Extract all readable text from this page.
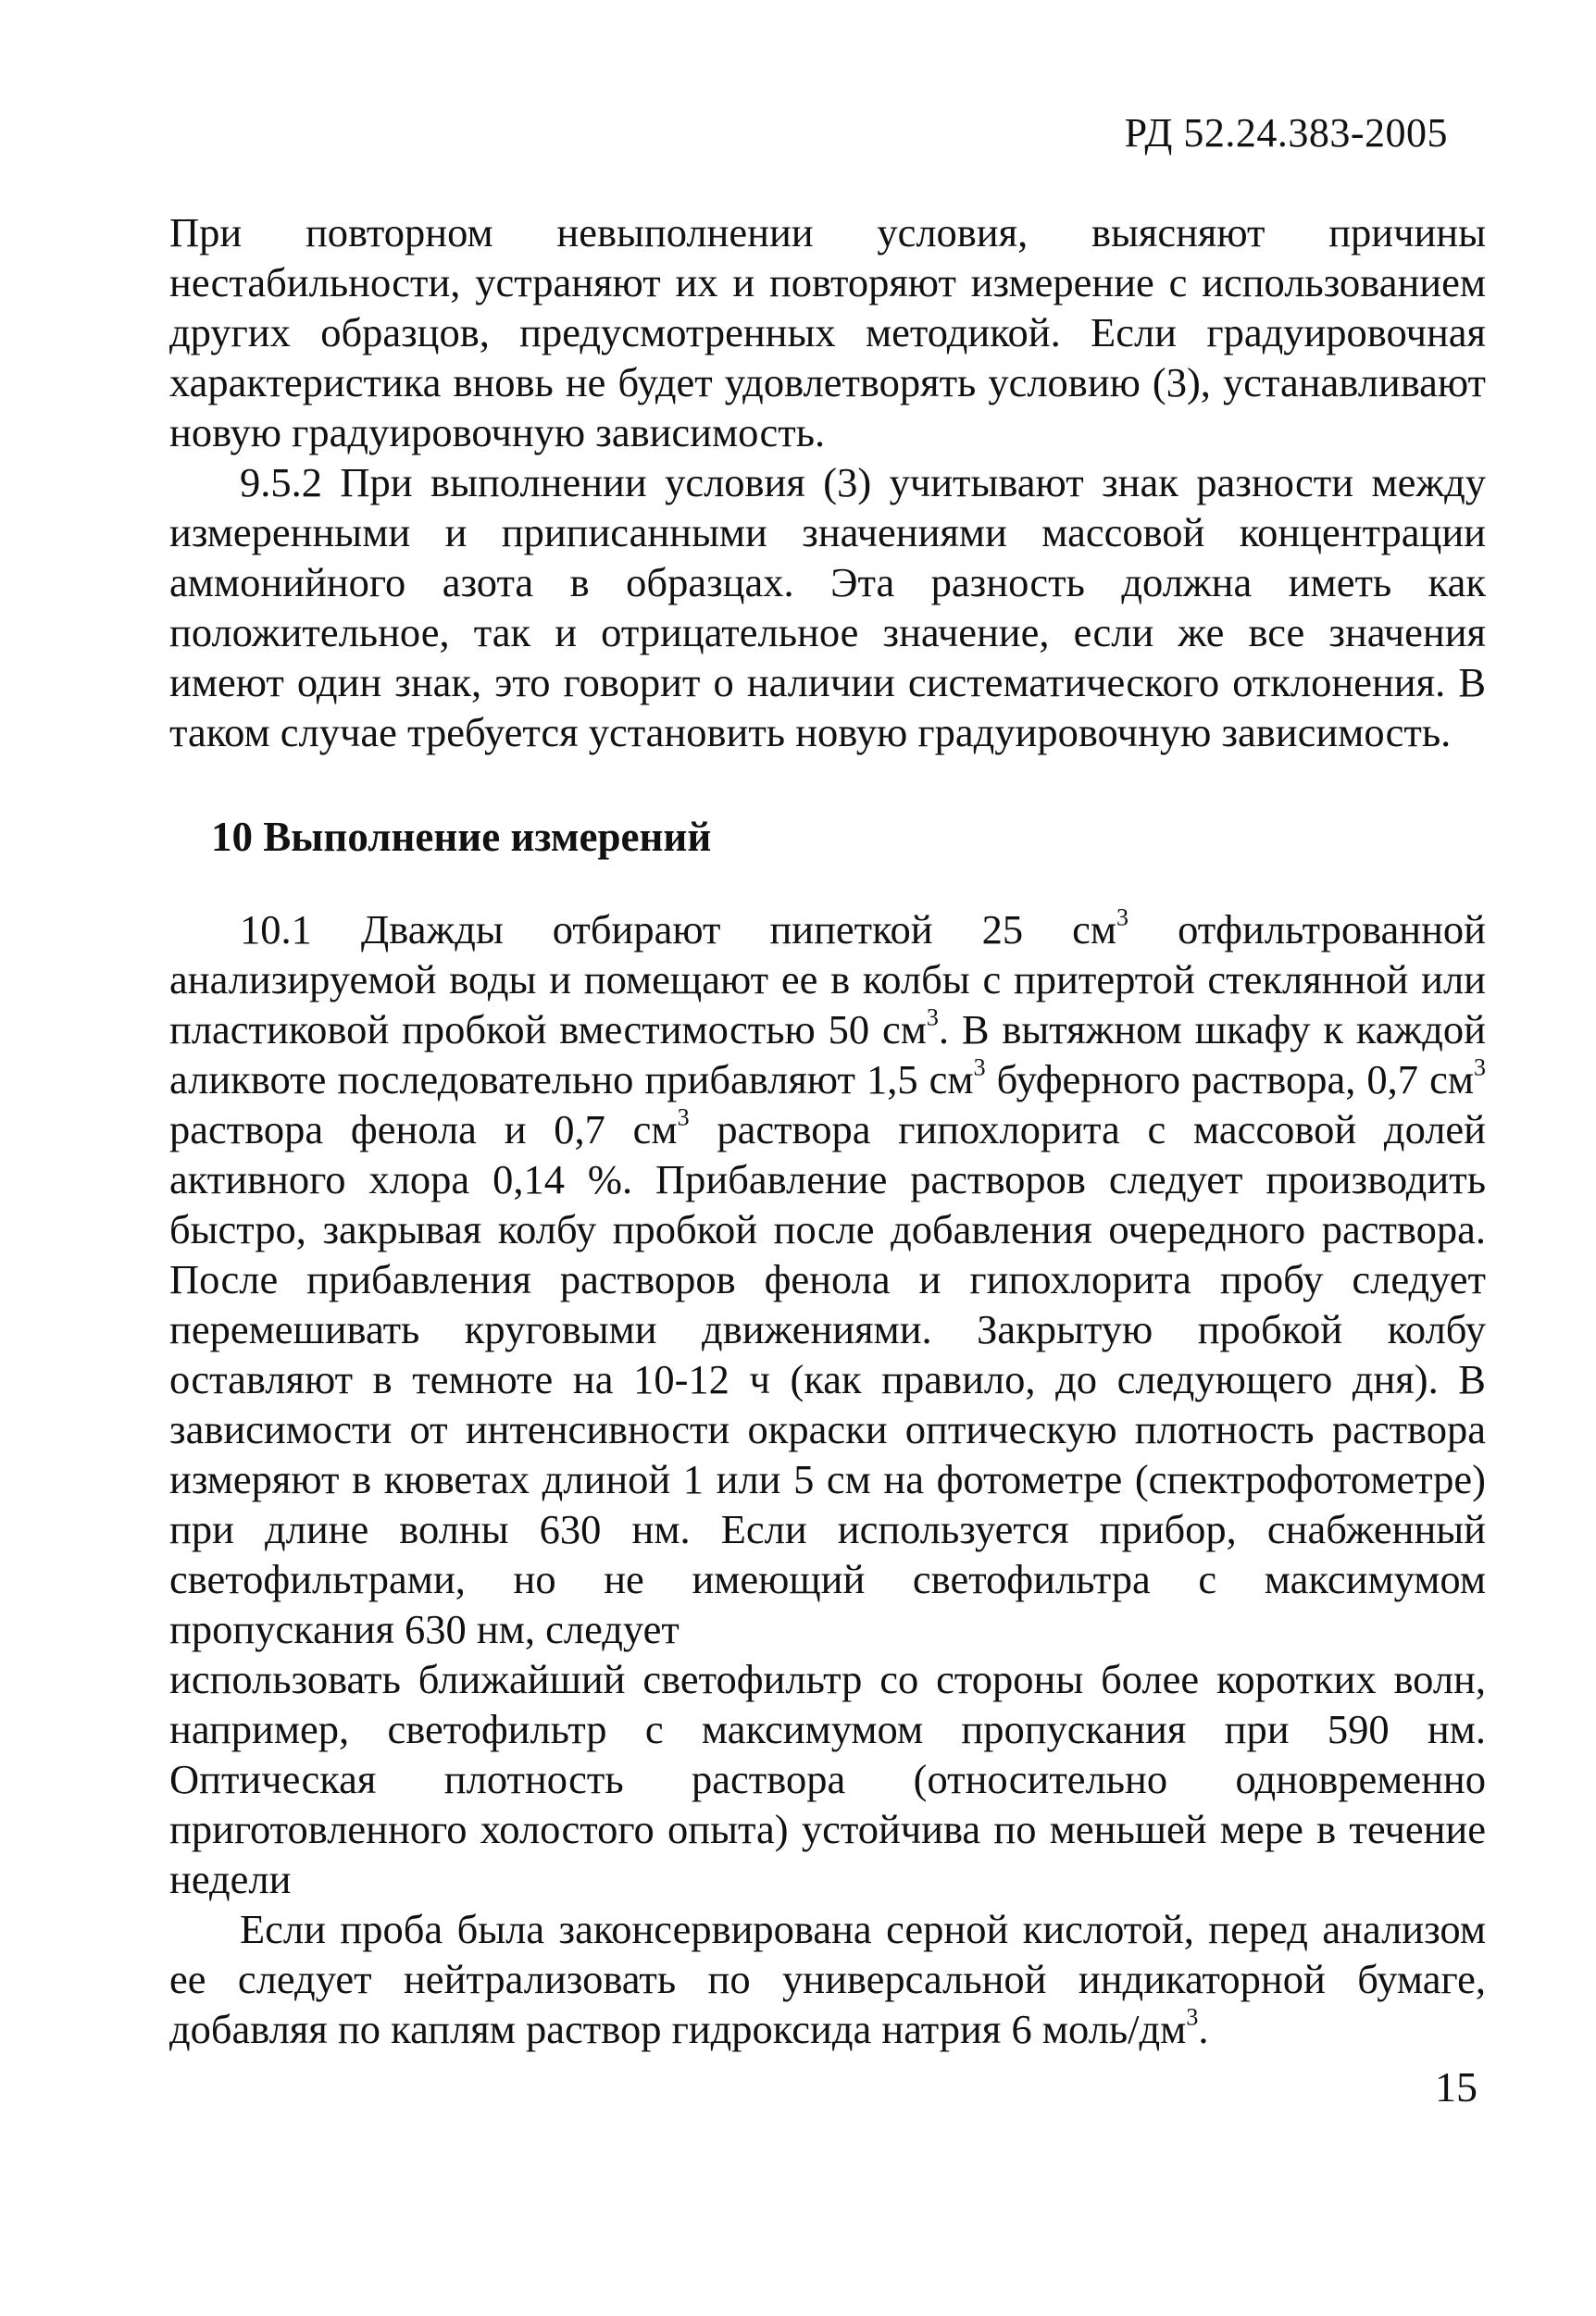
РД 52.24.383-2005

При повторном невыполнении условия, выясняют причины нестабильности, устраняют их и повторяют измерение с использованием других образцов, предусмотренных методикой. Если градуировочная характеристика вновь не будет удовлетворять условию (3), устанавливают новую градуировочную зависимость.

9.5.2 При выполнении условия (3) учитывают знак разности между измеренными и приписанными значениями массовой концентрации аммонийного азота в образцах. Эта разность должна иметь как положительное, так и отрицательное значение, если же все значения имеют один знак, это говорит о наличии систематического отклонения. В таком случае требуется установить новую градуировочную зависимость.

10 Выполнение измерений

10.1 Дважды отбирают пипеткой 25 $см^3$ отфильтрованной анализируемой воды и помещают ее в колбы с притертой стеклянной или пластиковой пробкой вместимостью 50 $см^3$. В вытяжном шкафу к каждой аликвоте последовательно прибавляют 1,5 $см^3$ буферного раствора, 0,7 $см^3$ раствора фенола и 0,7 $см^3$ раствора гипохлорита с массовой долей активного хлора 0,14 %. Прибавление растворов следует производить быстро, закрывая колбу пробкой после добавления очередного раствора. После прибавления растворов фенола и гипохлорита пробу следует перемешивать круговыми движениями. Закрытую пробкой колбу оставляют в темноте на 10-12 ч (как правило, до следующего дня). В зависимости от интенсивности окраски оптическую плотность раствора измеряют в кюветах длиной 1 или 5 см на фотометре (спектрофотометре) при длине волны 630 нм. Если используется прибор, снабженный светофильтрами, но не имеющий светофильтра с максимумом пропускания 630 нм, следует

использовать ближайший светофильтр со стороны более коротких волн, например, светофильтр с максимумом пропускания при 590 нм. Оптическая плотность раствора (относительно одновременно приготовленного холостого опыта) устойчива по меньшей мере в течение недели

Если проба была законсервирована серной кислотой, перед анализом ее следует нейтрализовать по универсальной индикаторной бумаге, добавляя по каплям раствор гидроксида натрия 6 моль/$дм^3$.

15
